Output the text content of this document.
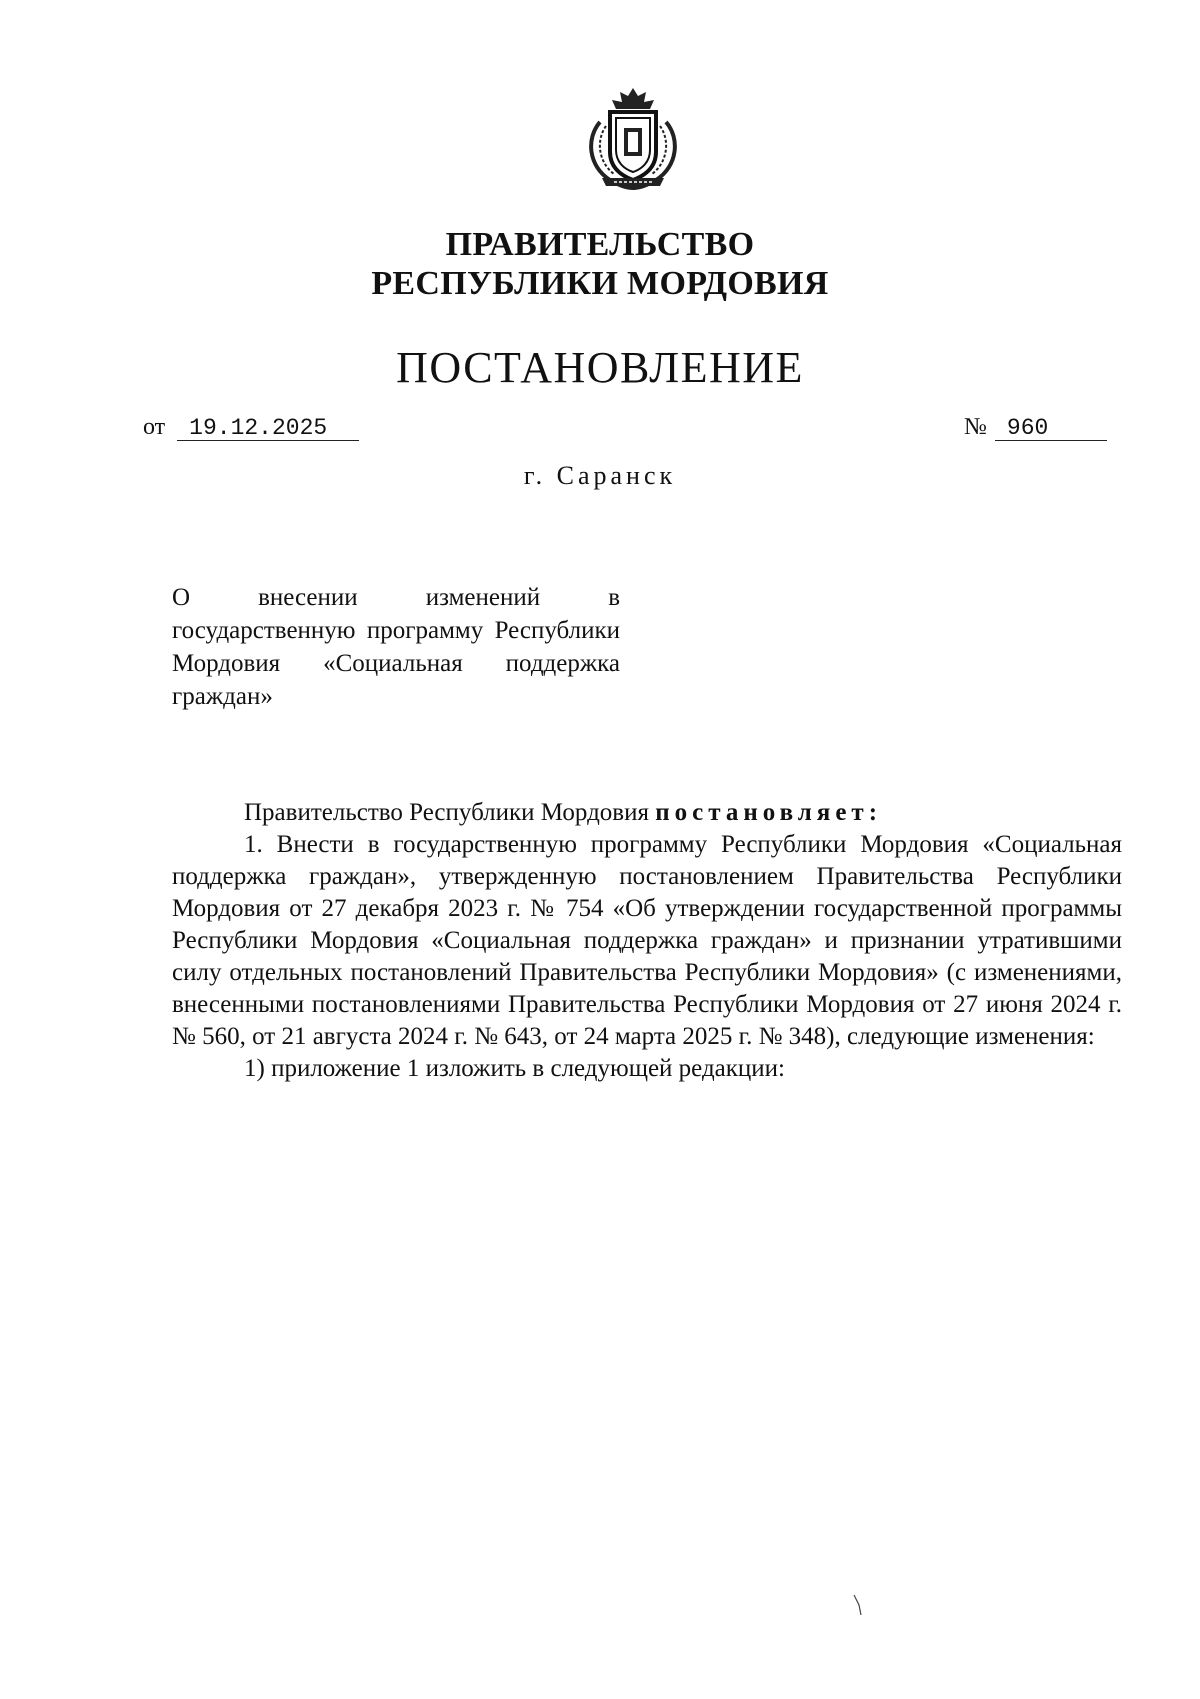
ПРАВИТЕЛЬСТВО
РЕСПУБЛИКИ МОРДОВИЯ
ПОСТАНОВЛЕНИЕ
от 19.12.2025	№ 960
г. Саранск
О внесении изменений в государственную программу Республики Мордовия «Социальная поддержка граждан»

Правительство Республики Мордовия постановляет:

1. Внести в государственную программу Республики Мордовия «Социальная поддержка граждан», утвержденную постановлением Правительства Республики Мордовия от 27 декабря 2023 г. № 754 «Об утверждении государственной программы Республики Мордовия «Социальная поддержка граждан» и признании утратившими силу отдельных постановлений Правительства Республики Мордовия» (с изменениями, внесенными постановлениями Правительства Республики Мордовия от 27 июня 2024 г. № 560, от 21 августа 2024 г. № 643, от 24 марта 2025 г. № 348), следующие изменения:

1) приложение 1 изложить в следующей редакции:
